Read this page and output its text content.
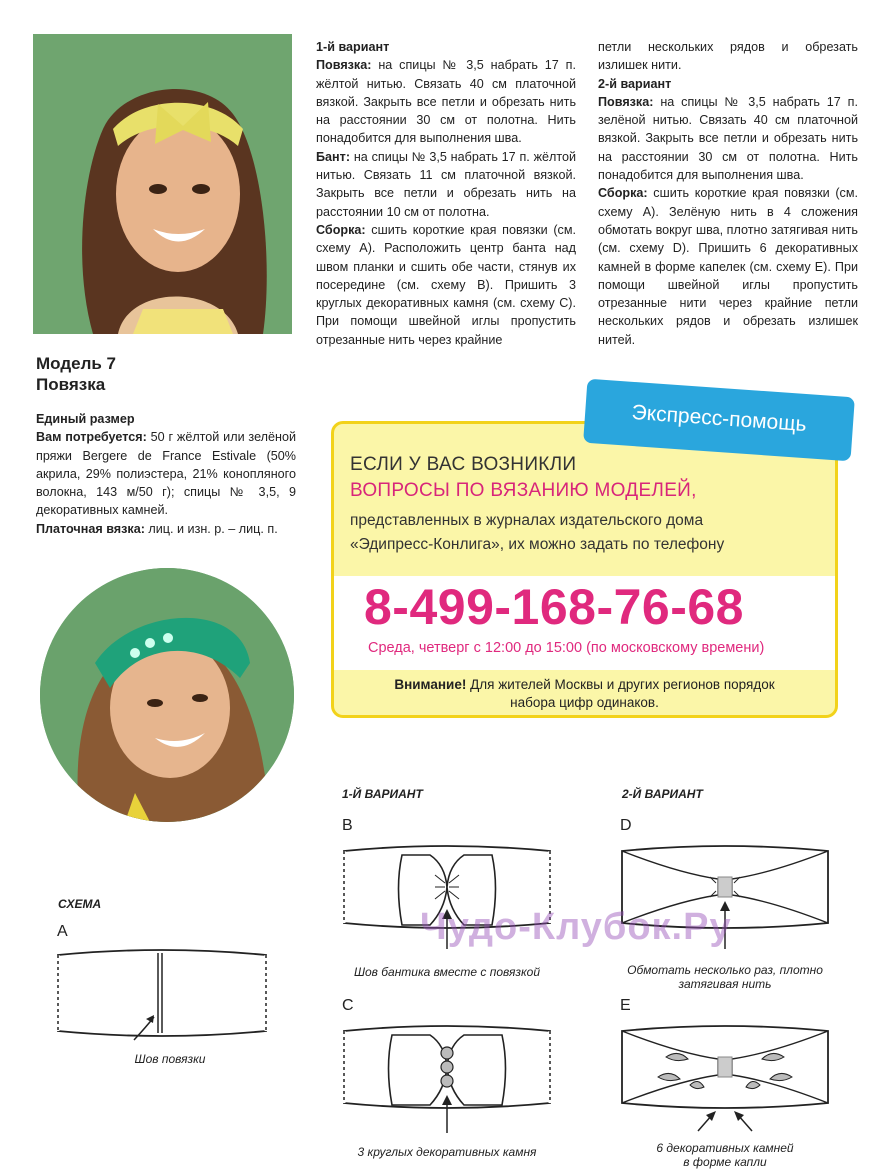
1-й вариант

Повязка: на спицы № 3,5 набрать 17 п. жёлтой нитью. Связать 40 см платочной вязкой. Закрыть все петли и обрезать нить на расстоянии 30 см от полотна. Нить понадобится для выполнения шва.

Бант: на спицы № 3,5 набрать 17 п. жёлтой нитью. Связать 11 см платочной вязкой. Закрыть все петли и обрезать нить на расстоянии 10 см от полотна.

Сборка: сшить короткие края повязки (см. схему А). Расположить центр банта над швом планки и сшить обе части, стянув их посередине (см. схему В). Пришить 3 круглых декоративных камня (см. схему С). При помощи швейной иглы пропустить отрезанные нить через крайние

петли нескольких рядов и обрезать излишек нити.

2-й вариант

Повязка: на спицы № 3,5 набрать 17 п. зелёной нитью. Связать 40 см платочной вязкой. Закрыть все петли и обрезать нить на расстоянии 30 см от полотна. Нить понадобится для выполнения шва.

Сборка: сшить короткие края повязки (см. схему А). Зелёную нить в 4 сложения обмотать вокруг шва, плотно затягивая нить (см. схему D). Пришить 6 декоративных камней в форме капелек (см. схему Е). При помощи швейной иглы пропустить отрезанные нити через крайние петли нескольких рядов и обрезать излишек нитей.

Модель 7
Повязка

Единый размер

Вам потребуется: 50 г жёлтой или зелёной пряжи Bergere de France Estivale (50% акрила, 29% полиэстера, 21% конопляного волокна, 143 м/50 г); спицы № 3,5, 9 декоративных камней.

Платочная вязка: лиц. и изн. р. – лиц. п.

ЕСЛИ У ВАС ВОЗНИКЛИ
ВОПРОСЫ ПО ВЯЗАНИЮ МОДЕЛЕЙ,
представленных в журналах издательского дома
«Эдипресс-Конлига», их можно задать по телефону
8-499-168-76-68
Среда, четверг с 12:00 до 15:00 (по московскому времени)
Внимание! Для жителей Москвы и других регионов порядок
набора цифр одинаков.
Экспресс-помощь
1-Й ВАРИАНТ	2-Й ВАРИАНТ
СХЕМА
A
B
C
D
E
Шов повязки
Шов бантика вместе с повязкой
3 круглых декоративных камня
Обмотать несколько раз, плотно
затягивая нить
6 декоративных камней
в форме капли
Чудо-Клубок.Ру
